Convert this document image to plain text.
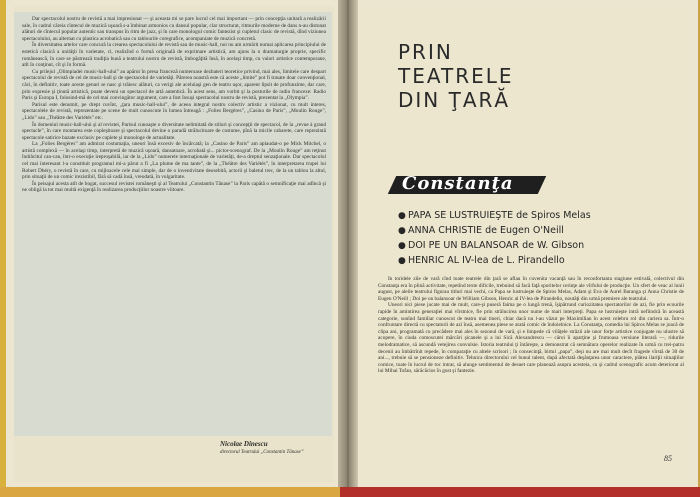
Dar spectacolul nostru de revistă a mai impresionat — şi aceasta mi se pare lucrul cel mai important — prin concepţia unitară a realizării sale, în cadrul căreia cîntecul de muzică uşoară s-a îmbinat armonios cu dansul popular, clar structurat, ritmurile moderne de dans n-au distonat alături de cîntecul popular autentic sau transpus în ritm de jazz, şi în care monologul comic fantezist şi cupletul clasic de revistă, dînd viziunea spectacolului, au alternat cu plastica acrobatică sau cu tablourile coregrafice, acompaniate de muzică concretă.

În diversitatea artelor care concură la crearea spectacolului de revistă sau de music-hall, noi nu am urmărit numai aplicarea principiului de estetică clasică a unităţii în varietate, ci, realizînd o formă originală de exprimare artistică, am ajuns la o dramaturgie proprie, specific românească, în care se păstrează tradiţia bună a teatrului nostru de revistă, îmbogăţită însă, în acelaşi timp, cu valori artistice contemporane, atît în conţinut, cît şi în formă.

Cu prilejul „Olimpiadei music-hall-ului” au apărut în presa franceză numeroase dezbateri teoretice privind, mai ales, limitele care despart spectacolul de revistă de cel de music-hall şi de spectacolul de varietăţi. Părerea noastră este că aceste „limite” pot fi trasate doar convenţional, căci, în definitiv, toate aceste genuri se nasc şi trăiesc alături, ca verigi ale aceluiaşi gen de teatru uşor, aparent lipsit de profunzime, dar care, prin expresie şi ţinută artistică, poate deveni un spectacol de artă autentică. În acest sens, am vorbit şi la posturile de radio franceze: Radio Paris şi Europa I, folosind-mă de cel mai convingător argument, care a fost însuşi spectacolul nostru de revistă, prezentat la „Olympia”.

Parisul este denumit, pe drept cuvînt, „ţara music-hall-ului”, de aceea integral nostru colectiv artistic a vizionat, cu mult interes, spectacolele de revistă, reprezentate pe scene de mult cunoscute în lumea întreagă : „Folies Bergères”, „Casino de Paris”, „Moulin Rouge”, „Lido” sau „Théâtre des Variétés” etc.

În domeniul music-hall-ului şi al revistei, Parisul cunoaşte o diversitate nelimitată de stiluri şi concepţii de spectacol, de la „revue à grand spectacle”, în care montarea este copleşitoare şi spectacolul devine o paradă strălucitoare de costume, pînă la micile cabarete, care reprezintă spectacole satirice bazate exclusiv pe cuplete şi monologe de actualitate.

La „Folies Bergères” am admirat costumaţia, uneori însă excesiv de încărcată; la „Casino de Paris” am aplaudat-o pe Mick Mitchel, o artistă complexă — în acelaşi timp, interpretă de muzică uşoară, dansatoare, acrobată şi... pictor-scenograf. De la „Moulin Rouge” am reţinut îndrăcitul can-can, într-o execuţie ireproşabilă, iar de la „Lido” numerele internaţionale de varietăţi, de-a dreptul senzaţionale. Dar spectacolul cel mai interesant l-a constituit programul mi-a părut a fi „La plume de ma tante”, de la „Théâtre des Variétés”, în interpretarea trupei lui Robert Dhéry, o revistă în care, cu mijloacele cele mai simple, dar de o inventivitate deosebită, actorii şi baletul trec, de la un tablou la altul, prin situaţii de un comic irezistibil, fără să cadă însă, vreodată, în vulgaritate.

În peisajul acesta atît de bogat, succesul revistei româneşti şi al Teatrului „Constantin Tănase” la Paris capătă o semnificaţie mai adîncă şi ne obligă la tot mai multă exigenţă în realizarea producţiilor noastre viitoare.

Nicolae Dinescu
directorul Teatrului „Constantin Tănase”
PRIN
TEATRELE
DIN ŢARĂ
Constanţa
● PAPA SE LUSTRUIEŞTE de Spiros Melas
● ANNA CHRISTIE de Eugen O'Neill
● DOI PE UN BALANSOAR de W. Gibson
● HENRIC AL IV-lea de L. Pirandello

În toridele zile de vară cînd toate teatrele din ţară se aflau în cuvenita vacanţă sau în reconfortanta stagiune estivală, colectivul din Constanţa era în plină activitate, repetînd texte dificile, trebuind să facă faţă sporitelor cerinţe ale vîrfului de producţie. Un sfert de veac al lunii august, pe aleile teatrului figurau titluri mai vechi, ca Papa se lustruieşte de Spiros Melas, Adam şi Eva de Aurel Baranga şi Anna Christie de Eugen O'Neill ; Doi pe un balansoar de William Gibson, Henric al IV-lea de Pirandello, noutăţi din urmă premiere ale teatrului.

Uneori nici piese jucate mai de mult, care-şi puseră faima pe o lungă trenă, îşipătrund curiozitatea spectatorilor de azi, fie prin ecourile rapide în amintirea generaţiei mai vîrstnice, fie prin strălucirea unor nume de mari interpreţi. Papa se lustruieşte intră nefiindcă în această categorie, sunînd familiar cunoscut de teatru mai tineri, chiar dacă nu l-au văzut pe Maximilian în acest celebru rol din cariera sa. Într-o confruntare directă cu spectatorii de azi însă, asemenea piese se arată comic de îndoielnice. La Constanţa, comedia lui Spiros Melas se joacă de clipa ani, programată cu precădere mai ales în sezonul de vară, şi e limpede că vilăţele străzii ale unor forţe artistice conjugate nu ulustre să acopere, în ciuda comoscutei mărcări şicanele şi a lui Sică Alexandrescu — cărui îi aparţine şi frumoasa versiune literară —, ridurile melodramatice, să ascundă vetejirea convulsie. Istoria teatrului ţi întăreşte, a demonstrat că semnătura operelor realizate în urmă cu trei-patru decenii au îmbătrînit repede, în comparaţie cu altele scrisori ; în consecinţă, birtul „papa”, deşi nu are mai mult decît fragede vîrstă de 30 de ani..., trebuie să se pensioneze definitiv. Tehnica directorului cel bunul talent, după afectată deşănţarea unor caractere, plătea ilariţii situaţiilor comice, toate în lucrul de toc intrat, să alunge sentimentul de desuet care planează asupra acesteia, cu şi cadrul scenografic acum deteriorat al lui Mihai Tofan, sărăcăcios în gust şi fantezie.

85
